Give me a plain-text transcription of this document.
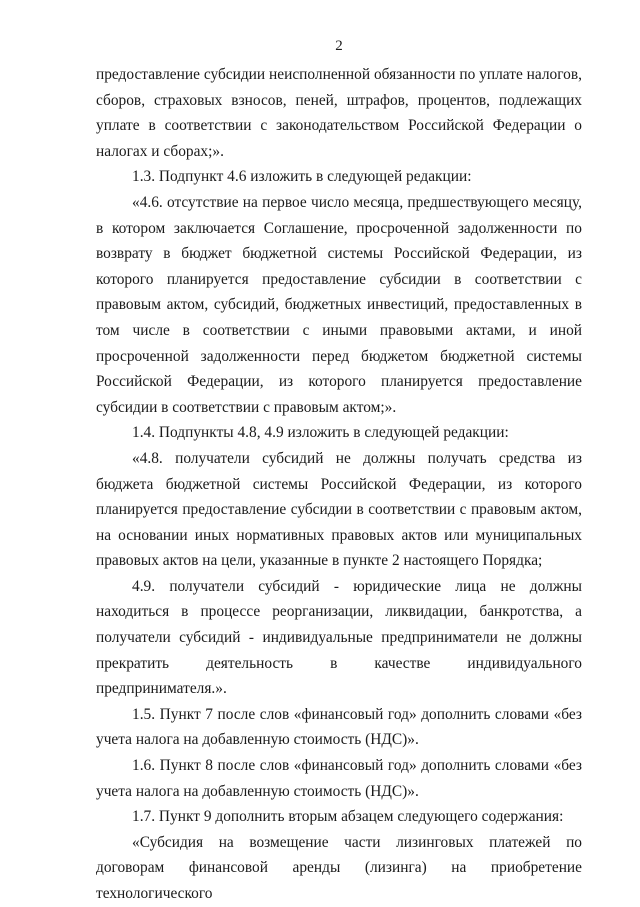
2

предоставление субсидии неисполненной обязанности по уплате налогов, сборов, страховых взносов, пеней, штрафов, процентов, подлежащих уплате в соответствии с законодательством Российской Федерации о налогах и сборах;».

1.3. Подпункт 4.6 изложить в следующей редакции:

«4.6. отсутствие на первое число месяца, предшествующего месяцу, в котором заключается Соглашение, просроченной задолженности по возврату в бюджет бюджетной системы Российской Федерации, из которого планируется предоставление субсидии в соответствии с правовым актом, субсидий, бюджетных инвестиций, предоставленных в том числе в соответствии с иными правовыми актами, и иной просроченной задолженности перед бюджетом бюджетной системы Российской Федерации, из которого планируется предоставление субсидии в соответствии с правовым актом;».

1.4. Подпункты 4.8, 4.9 изложить в следующей редакции:

«4.8. получатели субсидий не должны получать средства из бюджета бюджетной системы Российской Федерации, из которого планируется предоставление субсидии в соответствии с правовым актом, на основании иных нормативных правовых актов или муниципальных правовых актов на цели, указанные в пункте 2 настоящего Порядка;

4.9. получатели субсидий - юридические лица не должны находиться в процессе реорганизации, ликвидации, банкротства, а получатели субсидий - индивидуальные предприниматели не должны прекратить деятельность в качестве индивидуального предпринимателя.».

1.5. Пункт 7 после слов «финансовый год» дополнить словами «без учета налога на добавленную стоимость (НДС)».

1.6. Пункт 8 после слов «финансовый год» дополнить словами «без учета налога на добавленную стоимость (НДС)».

1.7. Пункт 9 дополнить вторым абзацем следующего содержания:

«Субсидия на возмещение части лизинговых платежей по договорам финансовой аренды (лизинга) на приобретение технологического
